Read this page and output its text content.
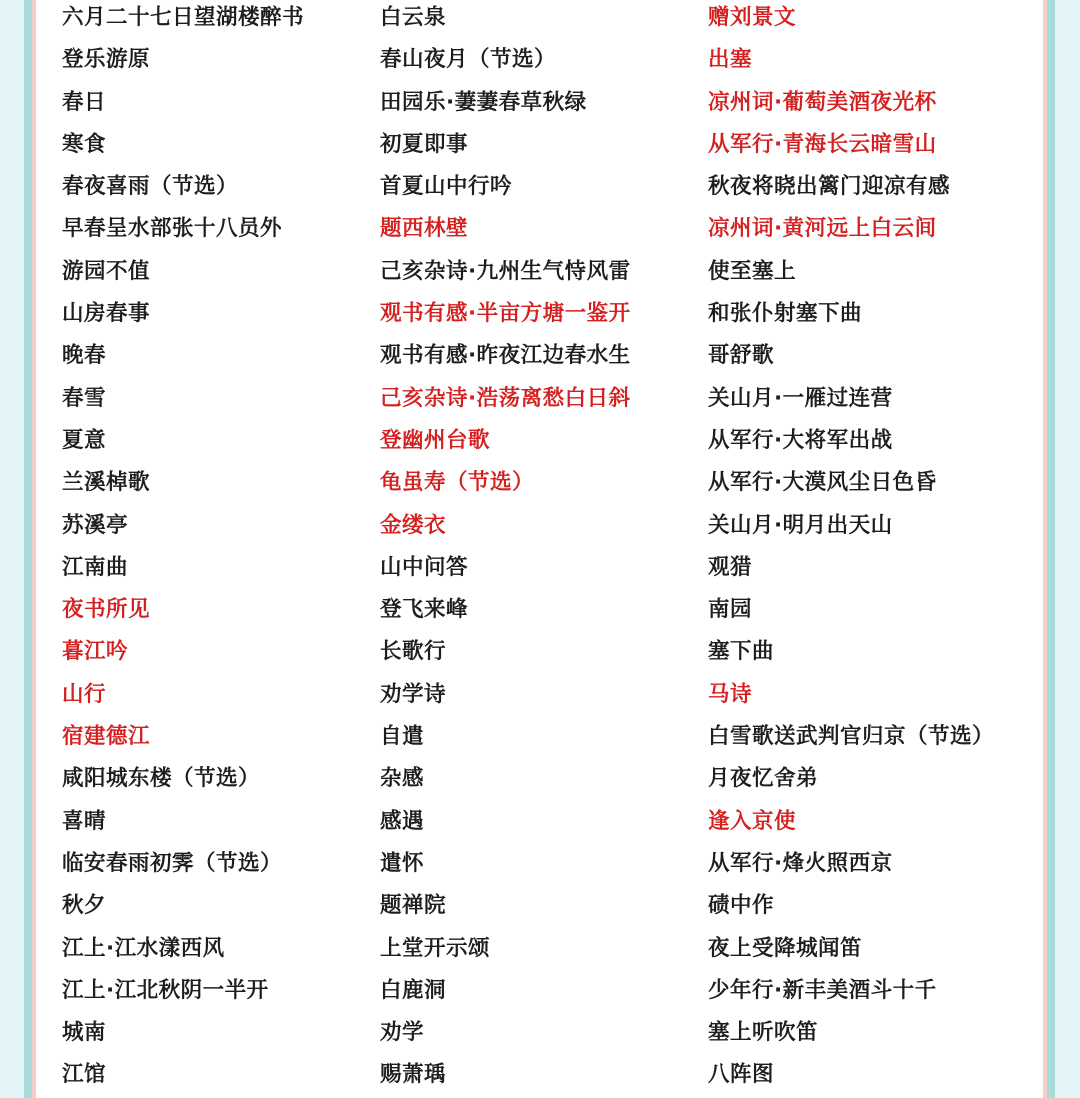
六月二十七日望湖楼醉书
登乐游原
春日
寒食
春夜喜雨（节选）
早春呈水部张十八员外
游园不值
山房春事
晚春
春雪
夏意
兰溪棹歌
苏溪亭
江南曲
夜书所见
暮江吟
山行
宿建德江
咸阳城东楼（节选）
喜晴
临安春雨初霁（节选）
秋夕
江上·江水漾西风
江上·江北秋阴一半开
城南
江馆
白云泉
春山夜月（节选）
田园乐·萋萋春草秋绿
初夏即事
首夏山中行吟
题西林壁
己亥杂诗·九州生气恃风雷
观书有感·半亩方塘一鉴开
观书有感·昨夜江边春水生
己亥杂诗·浩荡离愁白日斜
登幽州台歌
龟虽寿（节选）
金缕衣
山中问答
登飞来峰
长歌行
劝学诗
自遣
杂感
感遇
遣怀
题禅院
上堂开示颂
白鹿洞
劝学
赐萧瑀
赠刘景文
出塞
凉州词·葡萄美酒夜光杯
从军行·青海长云暗雪山
秋夜将晓出篱门迎凉有感
凉州词·黄河远上白云间
使至塞上
和张仆射塞下曲
哥舒歌
关山月·一雁过连营
从军行·大将军出战
从军行·大漠风尘日色昏
关山月·明月出天山
观猎
南园
塞下曲
马诗
白雪歌送武判官归京（节选）
月夜忆舍弟
逢入京使
从军行·烽火照西京
碛中作
夜上受降城闻笛
少年行·新丰美酒斗十千
塞上听吹笛
八阵图
